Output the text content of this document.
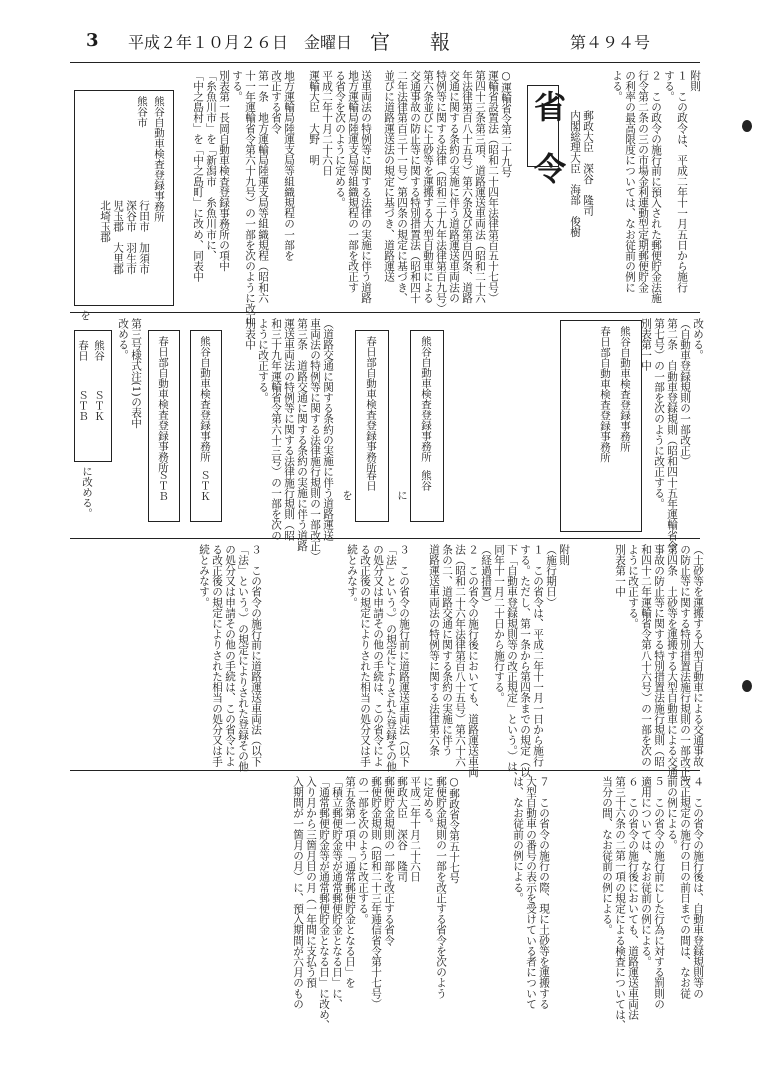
3 平成２年１０月２６日　金曜日 官報	第４９４号
附則
１　この政令は、平成二年十一月五日から施行
する。
２　この政令の施行前に預入された郵便貯金法施
行令第二条の三の市場金利連動型定期郵便貯金
の利率の最高限度については、なお従前の例に
よる。
郵政大臣　深谷　隆司
内閣総理大臣　海部　俊樹
省令
○運輸省令第二十九号
運輸省設置法（昭和二十四年法律第百五十七号）
第四十三条第三項、道路運送車両法（昭和二十六
年法律第百八十五号）第六条及び第百四条、道路
交通に関する条約の実施に伴う道路運送車両法の
特例等に関する法律（昭和三十九年法律第百九号）
第六条並びに土砂等を運搬する大型自動車による
交通事故の防止等に関する特別措置法（昭和四十
二年法律第百三十一号）第四条の規定に基づき、
並びに道路運送法の規定に基づき、道路運送
送車両法の特例等に関する法律の実施に伴う道路
地方運輸局陸運支局等組織規程の一部を改正す
る省令を次のように定める。
平成二年十月二十六日
運輸大臣　大野　明
地方運輸局陸運支局等組織規程の一部を
改正する省令
第一条　地方運輸局陸運支局等組織規程（昭和六
十一年運輸省令第六十九号）の一部を次のように改正
する。
別表第一長岡自動車検査登録事務所の項中
「糸魚川市」を「新潟市　糸魚川市に、
「中之島村」を「中之島町」に改め、同表中
熊谷自動車検査登録事務所
熊谷市
行田市　加須市
深谷市　羽生市
児玉郡　大里郡
北埼玉郡
を
改める。
（自動車登録規則の一部改正）
第二条　自動車登録規則（昭和四十五年運輸省令
第七号）の一部を次のように改正する。
別表第一中
熊谷自動車検査登録事務所
春日部自動車検査登録事務所
熊谷自動車検査登録事務所
熊谷
に
春日部自動車検査登録事務所
春日
を
（道路交通に関する条約の実施に伴う道路運送
車両法の特例等に関する法律施行規則の一部改正）
第三条　道路交通に関する条約の実施に伴う道路
運送車両法の特例等に関する法律施行規則（昭
和三十九年運輸省令第六十三号）の一部を次の
ように改正する。
別表中
熊谷自動車検査登録事務所
ＳＴＫ
春日部自動車検査登録事務所
ＳＴＢ
第三号様式注(1)の表中
改める。
熊谷
ＳＴＫ
春日
ＳＴＢ
に改める。
（土砂等を運搬する大型自動車による交通事故
の防止等に関する特別措置法施行規則の一部改正）
第四条　土砂等を運搬する大型自動車による交通
事故の防止等に関する特別措置法施行規則（昭
和四十二年運輸省令第八十六号）の一部を次の
ように改正する。
別表第一中
附則
（施行期日）
１　この省令は、平成二年十一月一日から施行
する。ただし、第一条から第四条までの規定（以
下「自動車登録規則等の改正規定」という。）は、
同年十一月二十日から施行する。
（経過措置）
２　この省令の施行後においても、道路運送車両
法（昭和二十六年法律第百八十五号）第六十六
条の二、道路交通に関する条約の実施に伴う
道路運送車両法の特例等に関する法律第六条
３　この省令の施行前に道路運送車両法（以下
「法」という。）の規定によりされた登録その他
の処分又は申請その他の手続は、この省令によ
る改正後の規定によりされた相当の処分又は手
続とみなす。
４　この省令の施行後は、自動車登録規則等の
改正規定の施行の日の前日までの間は、なお従
前の例による。
５　この省令の施行前にした行為に対する罰則の
適用については、なお従前の例による。
６　この省令の施行後においても、道路運送車両法
第三十六条の二第一項の規定による検査については、
当分の間、なお従前の例による。
７　この省令の施行の際、現に土砂等を運搬する
大型自動車の番号の表示を受けている者について
は、なお従前の例による。
○郵政省令第五十七号
郵便貯金規則の一部を改正する省令を次のよう
に定める。
平成二年十月二十六日
郵政大臣　深谷　隆司
郵便貯金規則の一部を改正する省令
郵便貯金規則（昭和二十三年逓信省令第十七号）
の一部を次のように改正する。
第五条第一項中「通常郵便貯金となる日」を
「積立郵便貯金等が通常郵便貯金となる日」に、
「通常郵便貯金等が通常郵便貯金となる日」に改め、
入り月から三箇月目の月（一年間に支払う預
入期間が一箇月の月）に、預入期間が六月のもの
３　この省令の施行前に道路運送車両法（以下
「法」という。）の規定によりされた登録その他
の処分又は申請その他の手続は、この省令によ
る改正後の規定によりされた相当の処分又は手
続とみなす。
